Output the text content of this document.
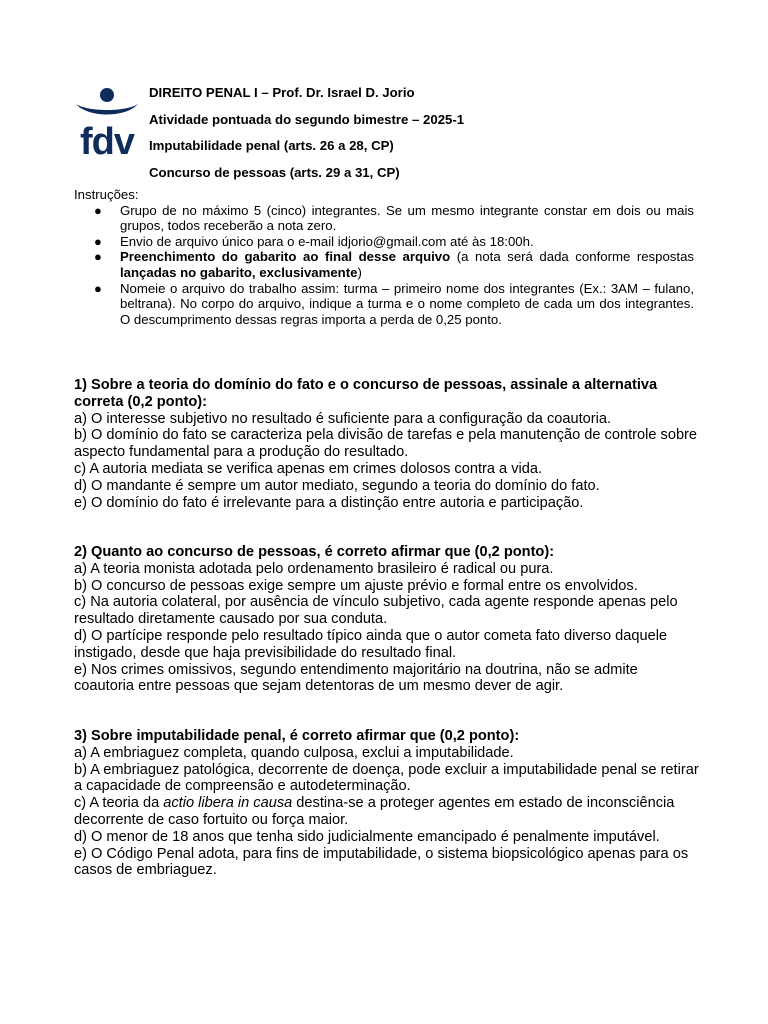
fdv

DIREITO PENAL I – Prof. Dr. Israel D. Jorio

Atividade pontuada do segundo bimestre – 2025-1

Imputabilidade penal (arts. 26 a 28, CP)

Concurso de pessoas (arts. 29 a 31, CP)

Instruções:

● Grupo de no máximo 5 (cinco) integrantes. Se um mesmo integrante constar em dois ou mais grupos, todos receberão a nota zero.
● Envio de arquivo único para o e-mail idjorio@gmail.com até às 18:00h.
● Preenchimento do gabarito ao final desse arquivo (a nota será dada conforme respostas lançadas no gabarito, exclusivamente)
● Nomeie o arquivo do trabalho assim: turma – primeiro nome dos integrantes (Ex.: 3AM – fulano, beltrana). No corpo do arquivo, indique a turma e o nome completo de cada um dos integrantes. O descumprimento dessas regras importa a perda de 0,25 ponto.

1) Sobre a teoria do domínio do fato e o concurso de pessoas, assinale a alternativa correta (0,2 ponto):

a) O interesse subjetivo no resultado é suficiente para a configuração da coautoria.

b) O domínio do fato se caracteriza pela divisão de tarefas e pela manutenção de controle sobre aspecto fundamental para a produção do resultado.

c) A autoria mediata se verifica apenas em crimes dolosos contra a vida.

d) O mandante é sempre um autor mediato, segundo a teoria do domínio do fato.

e) O domínio do fato é irrelevante para a distinção entre autoria e participação.

2) Quanto ao concurso de pessoas, é correto afirmar que (0,2 ponto):

a) A teoria monista adotada pelo ordenamento brasileiro é radical ou pura.

b) O concurso de pessoas exige sempre um ajuste prévio e formal entre os envolvidos.

c) Na autoria colateral, por ausência de vínculo subjetivo, cada agente responde apenas pelo resultado diretamente causado por sua conduta.

d) O partícipe responde pelo resultado típico ainda que o autor cometa fato diverso daquele instigado, desde que haja previsibilidade do resultado final.

e) Nos crimes omissivos, segundo entendimento majoritário na doutrina, não se admite coautoria entre pessoas que sejam detentoras de um mesmo dever de agir.

3) Sobre imputabilidade penal, é correto afirmar que (0,2 ponto):

a) A embriaguez completa, quando culposa, exclui a imputabilidade.

b) A embriaguez patológica, decorrente de doença, pode excluir a imputabilidade penal se retirar a capacidade de compreensão e autodeterminação.

c) A teoria da actio libera in causa destina-se a proteger agentes em estado de inconsciência decorrente de caso fortuito ou força maior.

d) O menor de 18 anos que tenha sido judicialmente emancipado é penalmente imputável.

e) O Código Penal adota, para fins de imputabilidade, o sistema biopsicológico apenas para os casos de embriaguez.
